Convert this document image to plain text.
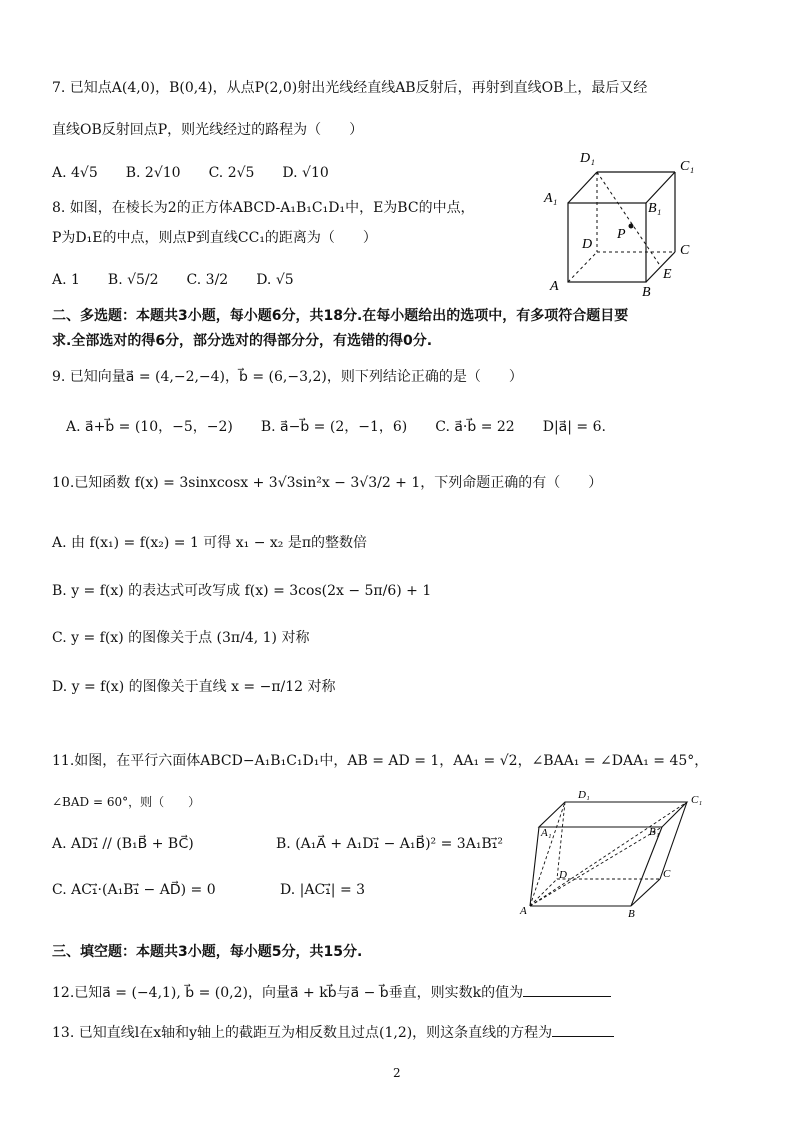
7. 已知点A(4,0)，B(0,4)，从点P(2,0)射出光线经直线AB反射后，再射到直线OB上，最后又经
直线OB反射回点P，则光线经过的路程为（　　）
A. 4√5　　B. 2√10　　C. 2√5　　D. √10
8. 如图，在棱长为2的正方体ABCD-A₁B₁C₁D₁中，E为BC的中点，
P为D₁E的中点，则点P到直线CC₁的距离为（　　）
A. 1　　B. √5/2　　C. 3/2　　D. √5
D₁
C₁
A₁
B₁
P
D	C
E
A	B
二、多选题：本题共3小题，每小题6分，共18分.在每小题给出的选项中，有多项符合题目要
求.全部选对的得6分，部分选对的得部分分，有选错的得0分.
9. 已知向量a⃗ = (4,−2,−4)，b⃗ = (6,−3,2)，则下列结论正确的是（　　）
A. a⃗+b⃗ = (10，−5，−2)　　B. a⃗−b⃗ = (2，−1，6)　　C. a⃗·b⃗ = 22　　D|a⃗| = 6.
10.已知函数 f(x) = 3sinxcosx + 3√3sin²x − 3√3/2 + 1，下列命题正确的有（　　）
A. 由 f(x₁) = f(x₂) = 1 可得 x₁ − x₂ 是π的整数倍
B. y = f(x) 的表达式可改写成 f(x) = 3cos(2x − 5π/6) + 1
C. y = f(x) 的图像关于点 (3π/4, 1) 对称
D. y = f(x) 的图像关于直线 x = −π/12 对称
11.如图，在平行六面体ABCD−A₁B₁C₁D₁中，AB = AD = 1，AA₁ = √2，∠BAA₁ = ∠DAA₁ = 45°，
∠BAD = 60°，则（　　）
A. AD₁⃗ // (B₁B⃗ + BC⃗)	B. (A₁A⃗ + A₁D₁⃗ − A₁B⃗)² = 3A₁B₁⃗²
C. AC₁⃗·(A₁B₁⃗ − AD⃗) = 0	D. |AC₁⃗| = 3
D₁	C₁
A₁	B₁
D	C
A	B
三、填空题：本题共3小题，每小题5分，共15分.
12.已知a⃗ = (−4,1), b⃗ = (0,2)，向量a⃗ + kb⃗与a⃗ − b⃗垂直，则实数k的值为
13. 已知直线l在x轴和y轴上的截距互为相反数且过点(1,2)，则这条直线的方程为
2
